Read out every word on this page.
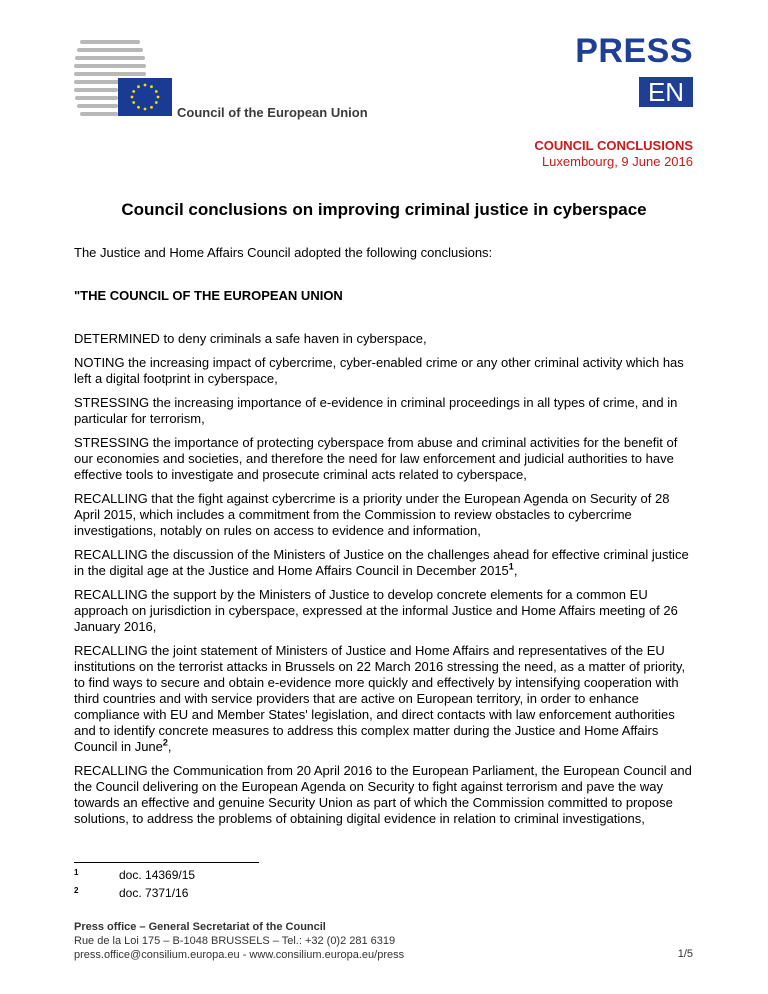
Council of the European Union
PRESS
EN
COUNCIL CONCLUSIONS
Luxembourg, 9 June 2016
Council conclusions on improving criminal justice in cyberspace

The Justice and Home Affairs Council adopted the following conclusions:

"THE COUNCIL OF THE EUROPEAN UNION

DETERMINED to deny criminals a safe haven in cyberspace,

NOTING the increasing impact of cybercrime, cyber-enabled crime or any other criminal activity which has left a digital footprint in cyberspace,

STRESSING the increasing importance of e-evidence in criminal proceedings in all types of crime, and in particular for terrorism,

STRESSING the importance of protecting cyberspace from abuse and criminal activities for the benefit of our economies and societies, and therefore the need for law enforcement and judicial authorities to have effective tools to investigate and prosecute criminal acts related to cyberspace,

RECALLING that the fight against cybercrime is a priority under the European Agenda on Security of 28 April 2015, which includes a commitment from the Commission to review obstacles to cybercrime investigations, notably on rules on access to evidence and information,

RECALLING the discussion of the Ministers of Justice on the challenges ahead for effective criminal justice in the digital age at the Justice and Home Affairs Council in December 2015$^1$,

RECALLING the support by the Ministers of Justice to develop concrete elements for a common EU approach on jurisdiction in cyberspace, expressed at the informal Justice and Home Affairs meeting of 26 January 2016,

RECALLING the joint statement of Ministers of Justice and Home Affairs and representatives of the EU institutions on the terrorist attacks in Brussels on 22 March 2016 stressing the need, as a matter of priority, to find ways to secure and obtain e-evidence more quickly and effectively by intensifying cooperation with third countries and with service providers that are active on European territory, in order to enhance compliance with EU and Member States' legislation, and direct contacts with law enforcement authorities and to identify concrete measures to address this complex matter during the Justice and Home Affairs Council in June$^2$,

RECALLING the Communication from 20 April 2016 to the European Parliament, the European Council and the Council delivering on the European Agenda on Security to fight against terrorism and pave the way towards an effective and genuine Security Union as part of which the Commission committed to propose solutions, to address the problems of obtaining digital evidence in relation to criminal investigations,

1	doc. 14369/15
2	doc. 7371/16
Press office – General Secretariat of the Council
Rue de la Loi 175 – B-1048 BRUSSELS – Tel.: +32 (0)2 281 6319
press.office@consilium.europa.eu - www.consilium.europa.eu/press	1/5
